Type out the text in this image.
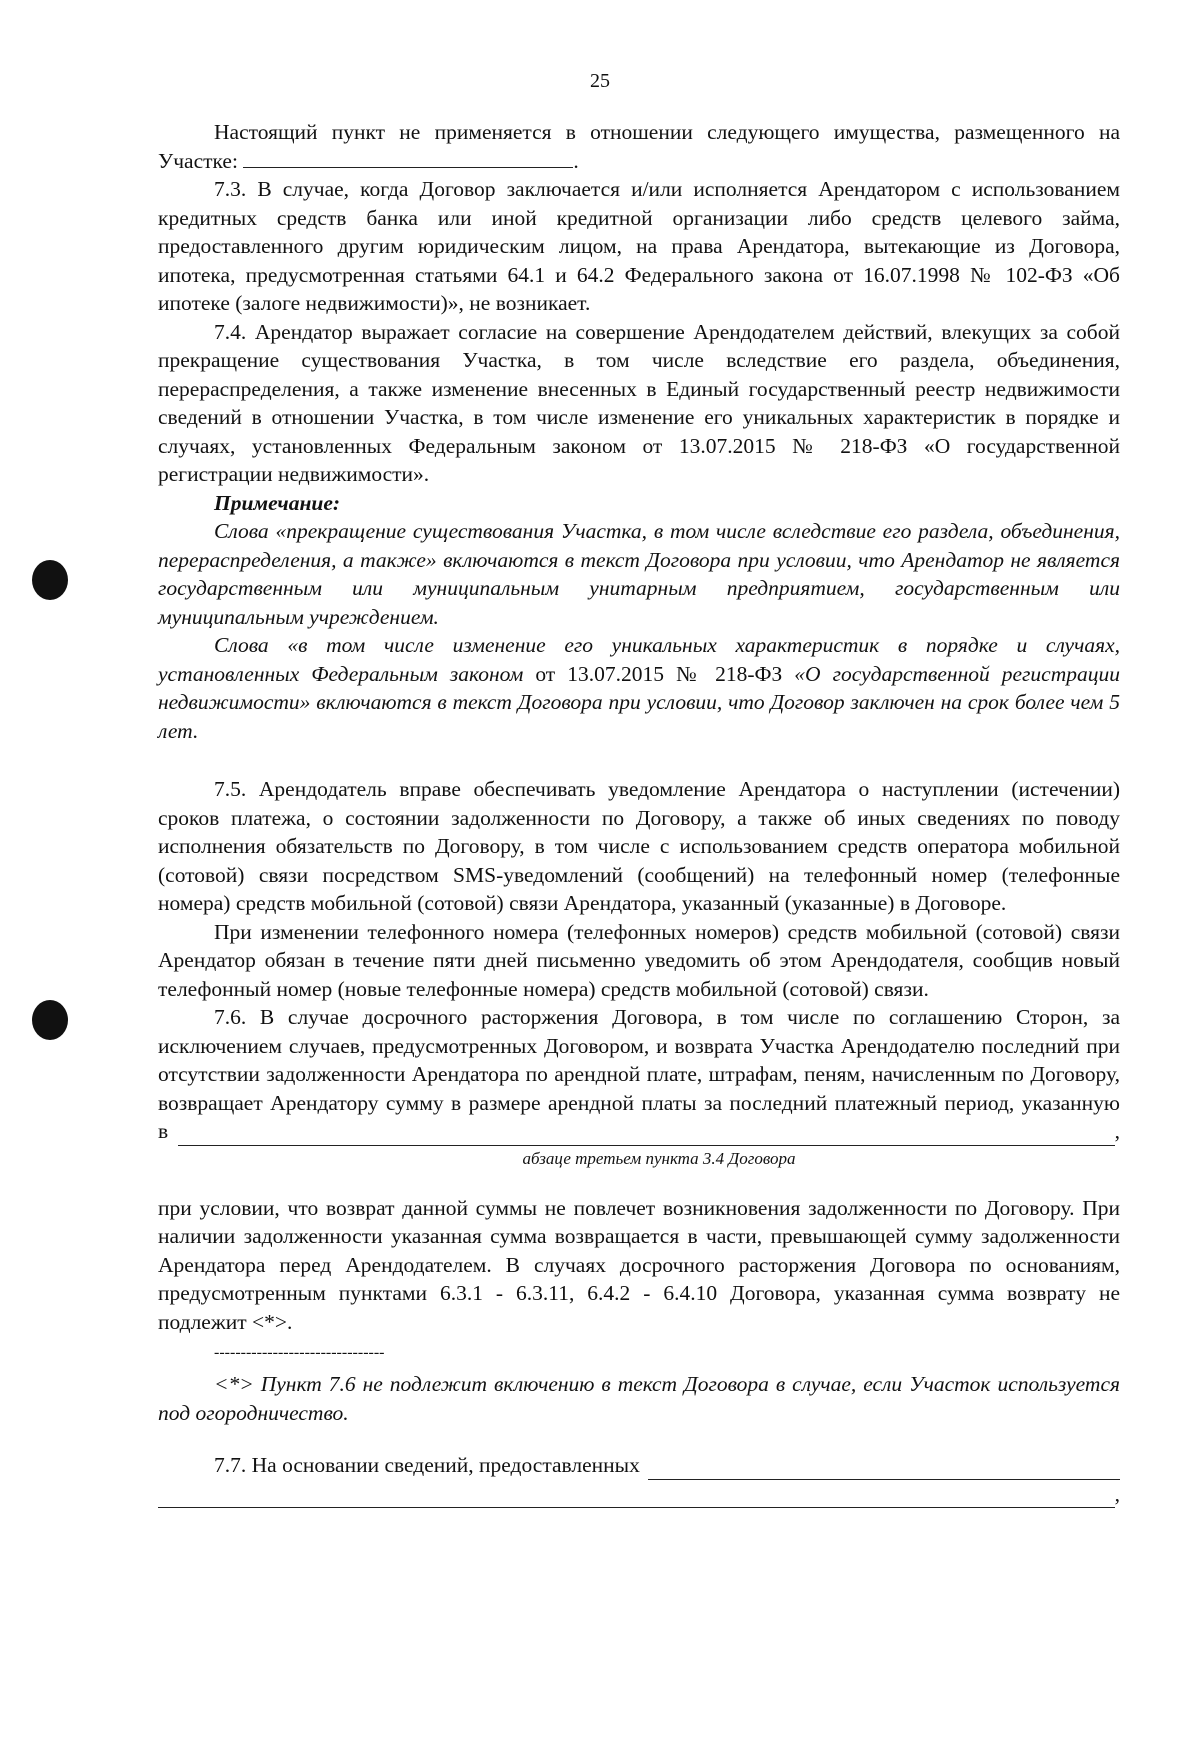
25

Настоящий пункт не применяется в отношении следующего имущества, размещенного на Участке:	.

7.3. В случае, когда Договор заключается и/или исполняется Арендатором с использованием кредитных средств банка или иной кредитной организации либо средств целевого займа, предоставленного другим юридическим лицом, на права Арендатора, вытекающие из Договора, ипотека, предусмотренная статьями 64.1 и 64.2 Федерального закона от 16.07.1998 № 102-ФЗ «Об ипотеке (залоге недвижимости)», не возникает.

7.4. Арендатор выражает согласие на совершение Арендодателем действий, влекущих за собой прекращение существования Участка, в том числе вследствие его раздела, объединения, перераспределения, а также изменение внесенных в Единый государственный реестр недвижимости сведений в отношении Участка, в том числе изменение его уникальных характеристик в порядке и случаях, установленных Федеральным законом от 13.07.2015 № 218-ФЗ «О государственной регистрации недвижимости».

Примечание:

Слова «прекращение существования Участка, в том числе вследствие его раздела, объединения, перераспределения, а также» включаются в текст Договора при условии, что Арендатор не является государственным или муниципальным унитарным предприятием, государственным или муниципальным учреждением.

Слова «в том числе изменение его уникальных характеристик в порядке и случаях, установленных Федеральным законом от 13.07.2015 № 218-ФЗ «О государственной регистрации недвижимости» включаются в текст Договора при условии, что Договор заключен на срок более чем 5 лет.

7.5. Арендодатель вправе обеспечивать уведомление Арендатора о наступлении (истечении) сроков платежа, о состоянии задолженности по Договору, а также об иных сведениях по поводу исполнения обязательств по Договору, в том числе с использованием средств оператора мобильной (сотовой) связи посредством SMS-уведомлений (сообщений) на телефонный номер (телефонные номера) средств мобильной (сотовой) связи Арендатора, указанный (указанные) в Договоре.

При изменении телефонного номера (телефонных номеров) средств мобильной (сотовой) связи Арендатор обязан в течение пяти дней письменно уведомить об этом Арендодателя, сообщив новый телефонный номер (новые телефонные номера) средств мобильной (сотовой) связи.

7.6. В случае досрочного расторжения Договора, в том числе по соглашению Сторон, за исключением случаев, предусмотренных Договором, и возврата Участка Арендодателю последний при отсутствии задолженности Арендатора по арендной плате, штрафам, пеням, начисленным по Договору, возвращает Арендатору сумму в размере арендной платы за последний платежный период, указанную

в	,
абзаце третьем пункта 3.4 Договора

при условии, что возврат данной суммы не повлечет возникновения задолженности по Договору. При наличии задолженности указанная сумма возвращается в части, превышающей сумму задолженности Арендатора перед Арендодателем. В случаях досрочного расторжения Договора по основаниям, предусмотренным пунктами 6.3.1 - 6.3.11, 6.4.2 - 6.4.10 Договора, указанная сумма возврату не подлежит <*>.

--------------------------------

<*> Пункт 7.6 не подлежит включению в текст Договора в случае, если Участок используется под огородничество.

7.7. На основании сведений, предоставленных
,
